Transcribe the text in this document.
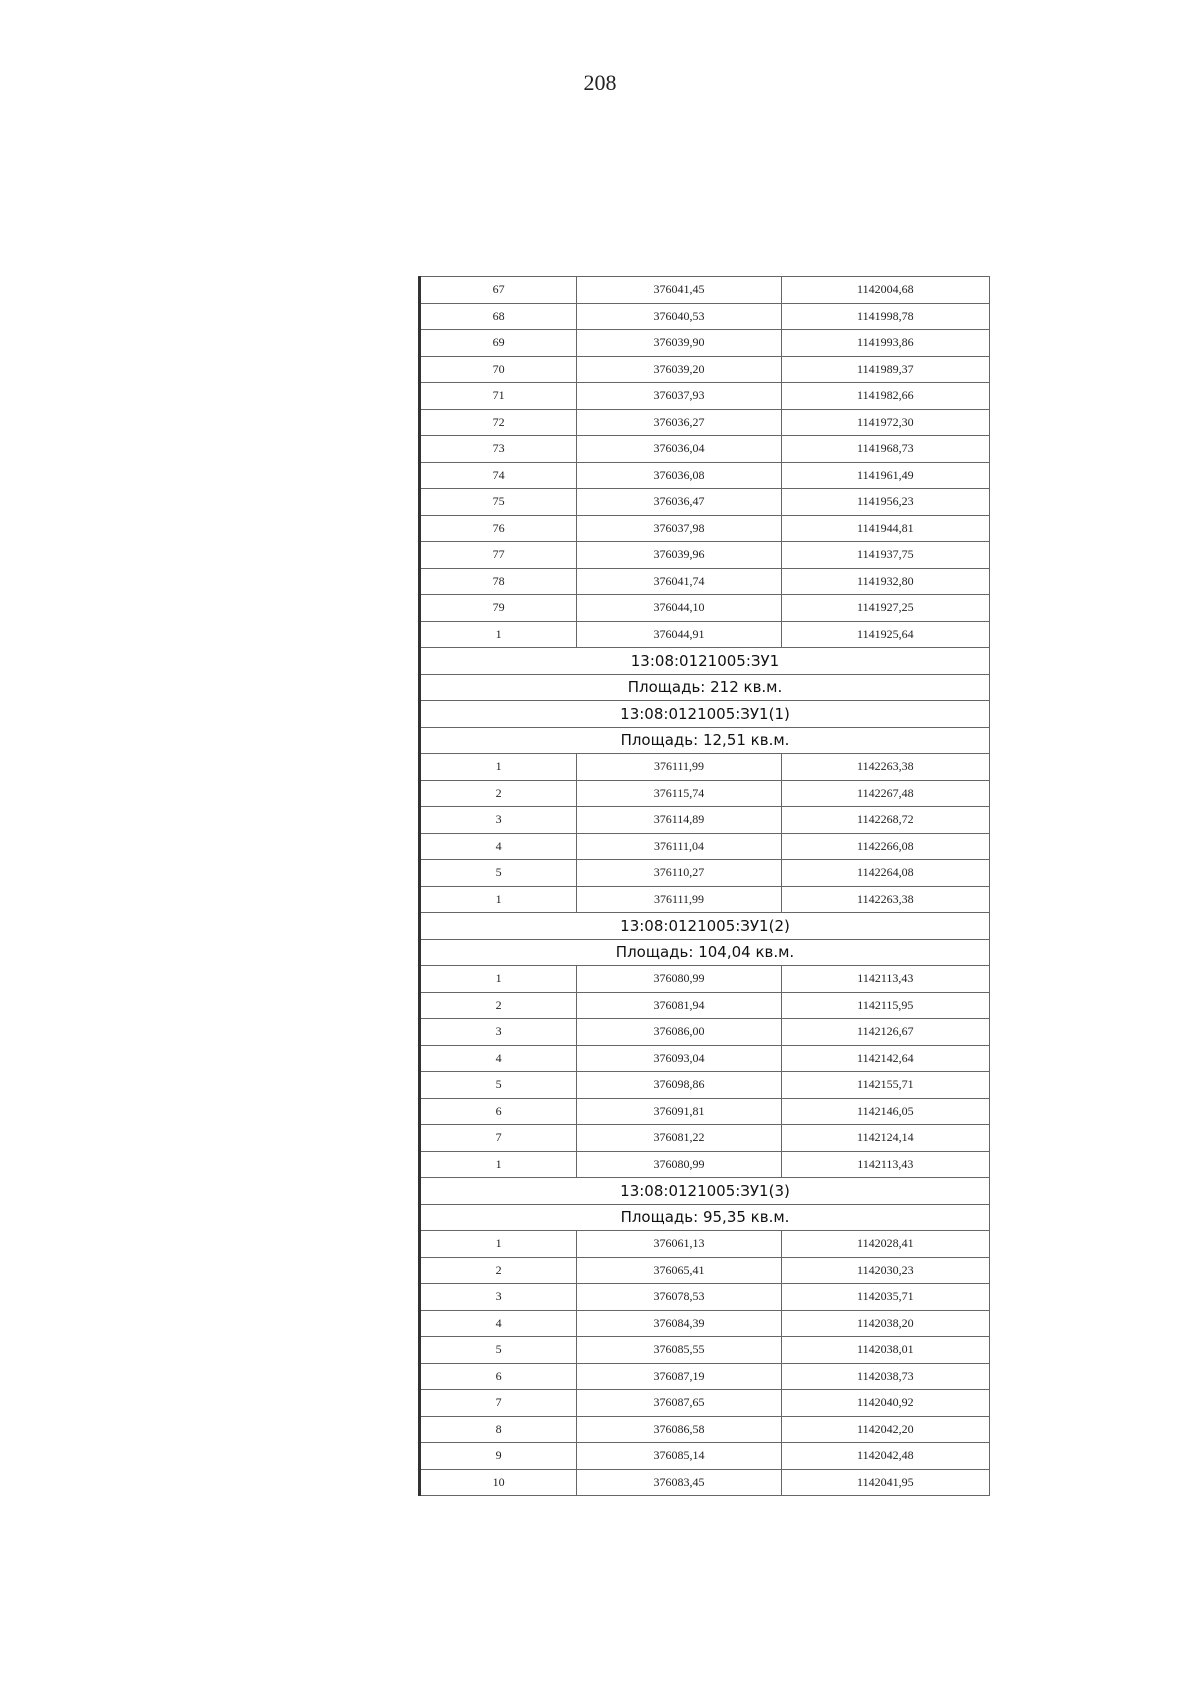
208
67	376041,45	1142004,68
68	376040,53	1141998,78
69	376039,90	1141993,86
70	376039,20	1141989,37
71	376037,93	1141982,66
72	376036,27	1141972,30
73	376036,04	1141968,73
74	376036,08	1141961,49
75	376036,47	1141956,23
76	376037,98	1141944,81
77	376039,96	1141937,75
78	376041,74	1141932,80
79	376044,10	1141927,25
1	376044,91	1141925,64
13:08:0121005:ЗУ1		
Площадь: 212 кв.м.		
13:08:0121005:ЗУ1(1)		
Площадь: 12,51 кв.м.		
1	376111,99	1142263,38
2	376115,74	1142267,48
3	376114,89	1142268,72
4	376111,04	1142266,08
5	376110,27	1142264,08
1	376111,99	1142263,38
13:08:0121005:ЗУ1(2)		
Площадь: 104,04 кв.м.		
1	376080,99	1142113,43
2	376081,94	1142115,95
3	376086,00	1142126,67
4	376093,04	1142142,64
5	376098,86	1142155,71
6	376091,81	1142146,05
7	376081,22	1142124,14
1	376080,99	1142113,43
13:08:0121005:ЗУ1(3)		
Площадь: 95,35 кв.м.		
1	376061,13	1142028,41
2	376065,41	1142030,23
3	376078,53	1142035,71
4	376084,39	1142038,20
5	376085,55	1142038,01
6	376087,19	1142038,73
7	376087,65	1142040,92
8	376086,58	1142042,20
9	376085,14	1142042,48
10	376083,45	1142041,95
